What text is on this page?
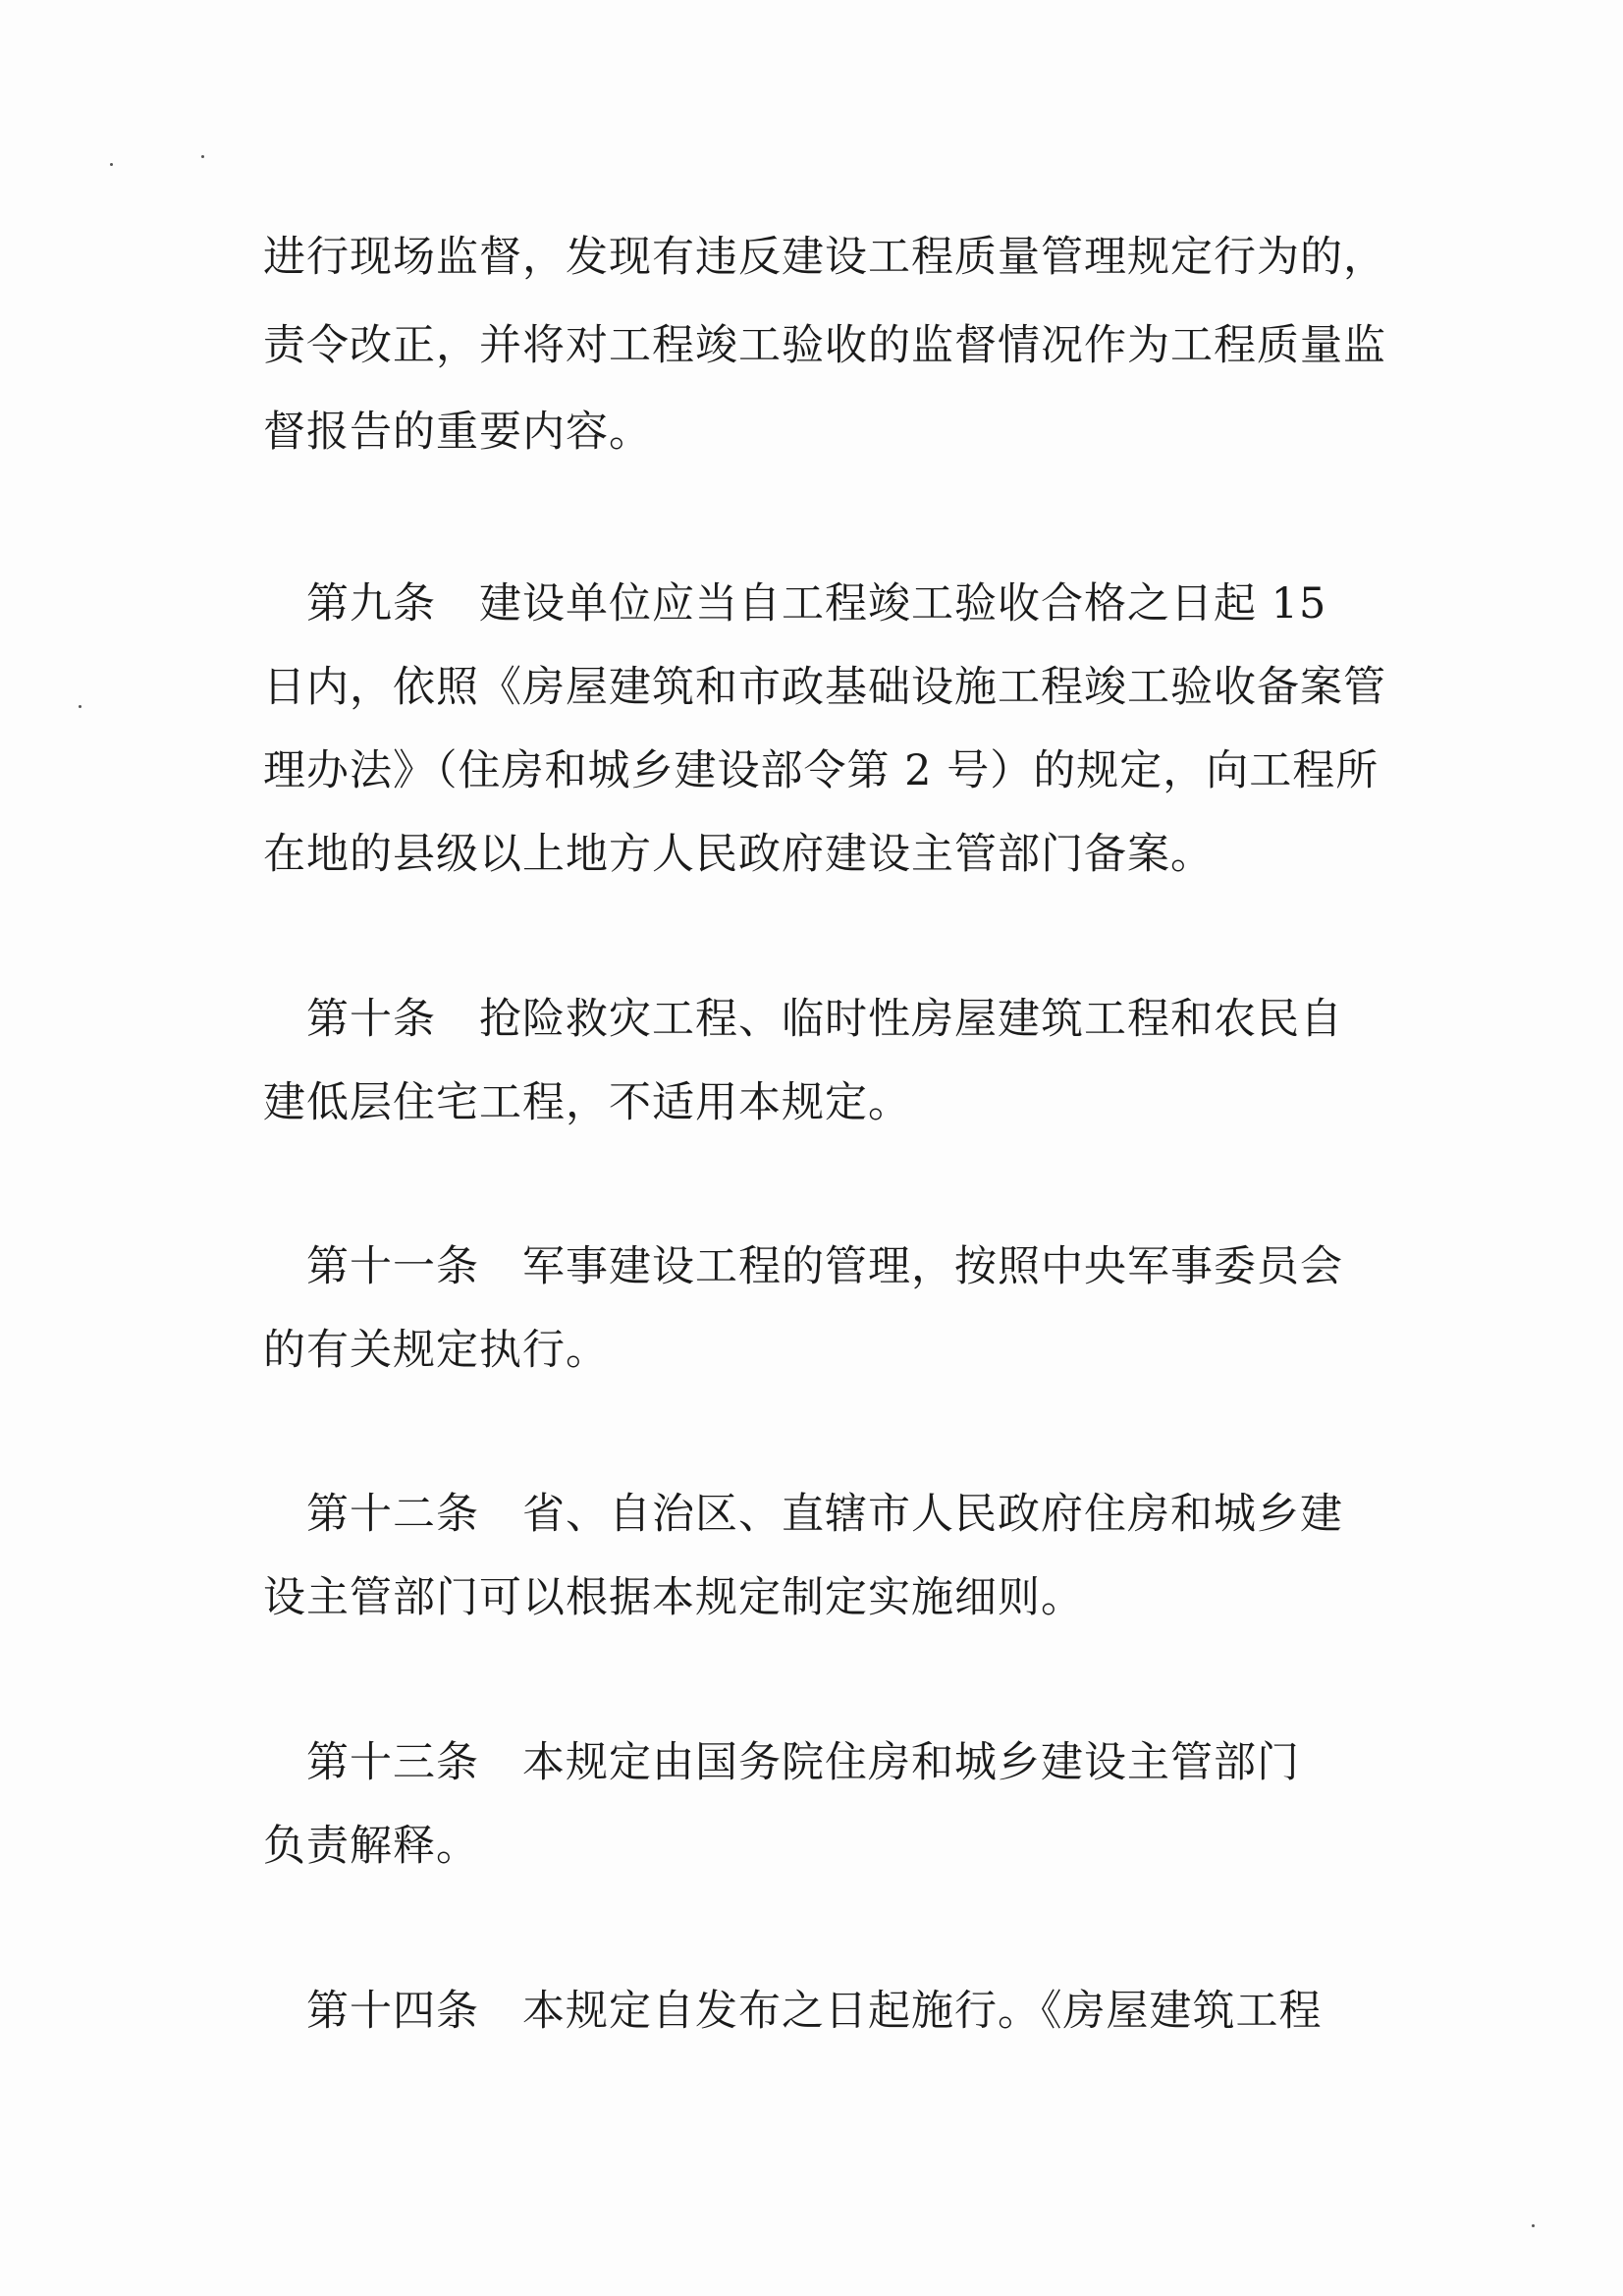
进行现场监督，发现有违反建设工程质量管理规定行为的，
责令改正，并将对工程竣工验收的监督情况作为工程质量监
督报告的重要内容。
　第九条　建设单位应当自工程竣工验收合格之日起 15
日内，依照《房屋建筑和市政基础设施工程竣工验收备案管
理办法》（住房和城乡建设部令第 2 号）的规定，向工程所
在地的县级以上地方人民政府建设主管部门备案。
　第十条　抢险救灾工程、临时性房屋建筑工程和农民自
建低层住宅工程，不适用本规定。
　第十一条　军事建设工程的管理，按照中央军事委员会
的有关规定执行。
　第十二条　省、自治区、直辖市人民政府住房和城乡建
设主管部门可以根据本规定制定实施细则。
　第十三条　本规定由国务院住房和城乡建设主管部门
负责解释。
　第十四条　本规定自发布之日起施行。《房屋建筑工程
